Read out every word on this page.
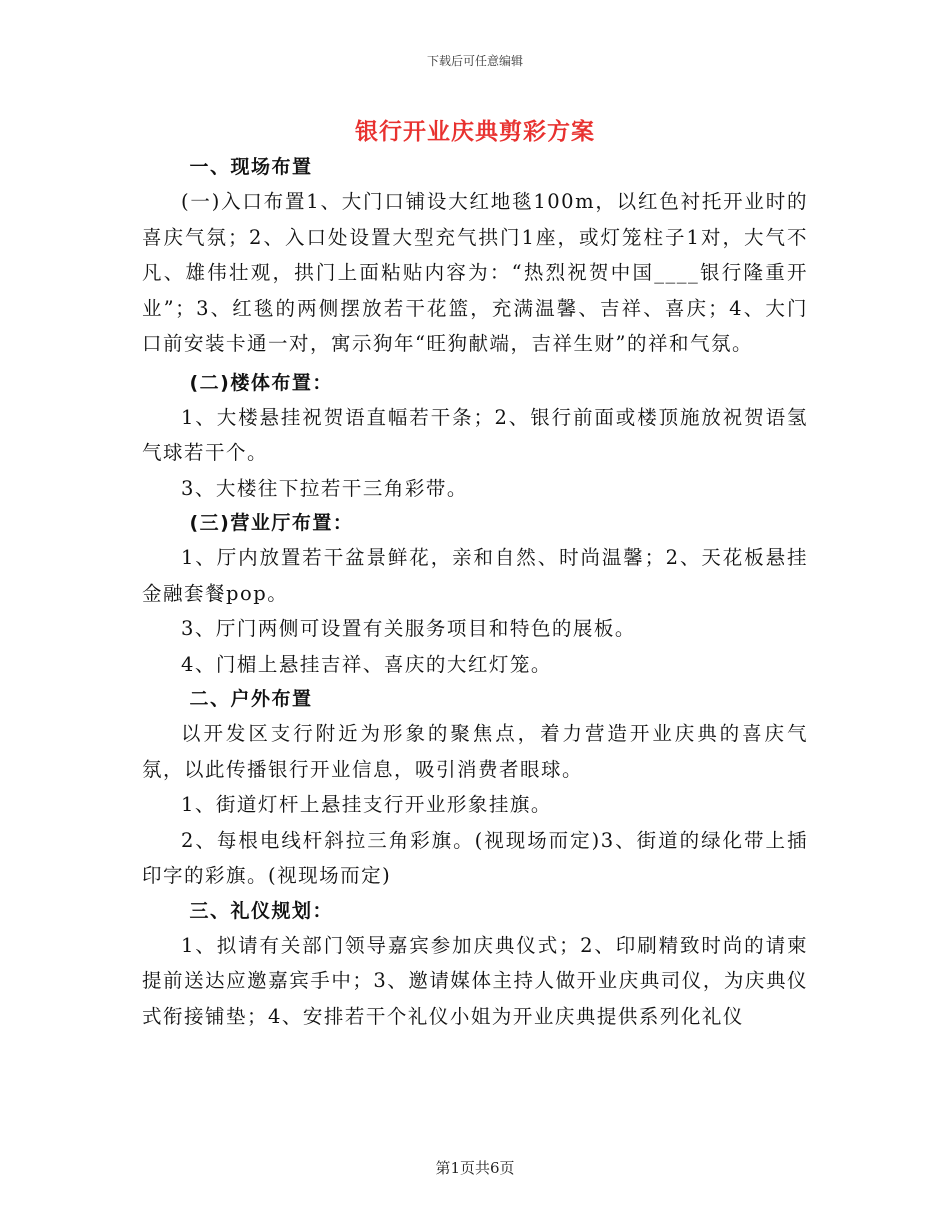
下载后可任意编辑
银行开业庆典剪彩方案

一、现场布置

(一)入口布置1、大门口铺设大红地毯100m，以红色衬托开业时的喜庆气氛；2、入口处设置大型充气拱门1座，或灯笼柱子1对，大气不凡、雄伟壮观，拱门上面粘贴内容为：“热烈祝贺中国____银行隆重开业”；3、红毯的两侧摆放若干花篮，充满温馨、吉祥、喜庆；4、大门口前安装卡通一对，寓示狗年“旺狗献端，吉祥生财”的祥和气氛。

(二)楼体布置：

1、大楼悬挂祝贺语直幅若干条；2、银行前面或楼顶施放祝贺语氢气球若干个。

3、大楼往下拉若干三角彩带。

(三)营业厅布置：

1、厅内放置若干盆景鲜花，亲和自然、时尚温馨；2、天花板悬挂金融套餐pop。

3、厅门两侧可设置有关服务项目和特色的展板。

4、门楣上悬挂吉祥、喜庆的大红灯笼。

二、户外布置

以开发区支行附近为形象的聚焦点，着力营造开业庆典的喜庆气氛，以此传播银行开业信息，吸引消费者眼球。

1、街道灯杆上悬挂支行开业形象挂旗。

2、每根电线杆斜拉三角彩旗。(视现场而定)3、街道的绿化带上插印字的彩旗。(视现场而定)

三、礼仪规划：

1、拟请有关部门领导嘉宾参加庆典仪式；2、印刷精致时尚的请柬提前送达应邀嘉宾手中；3、邀请媒体主持人做开业庆典司仪，为庆典仪式衔接铺垫；4、安排若干个礼仪小姐为开业庆典提供系列化礼仪

第1页共6页
